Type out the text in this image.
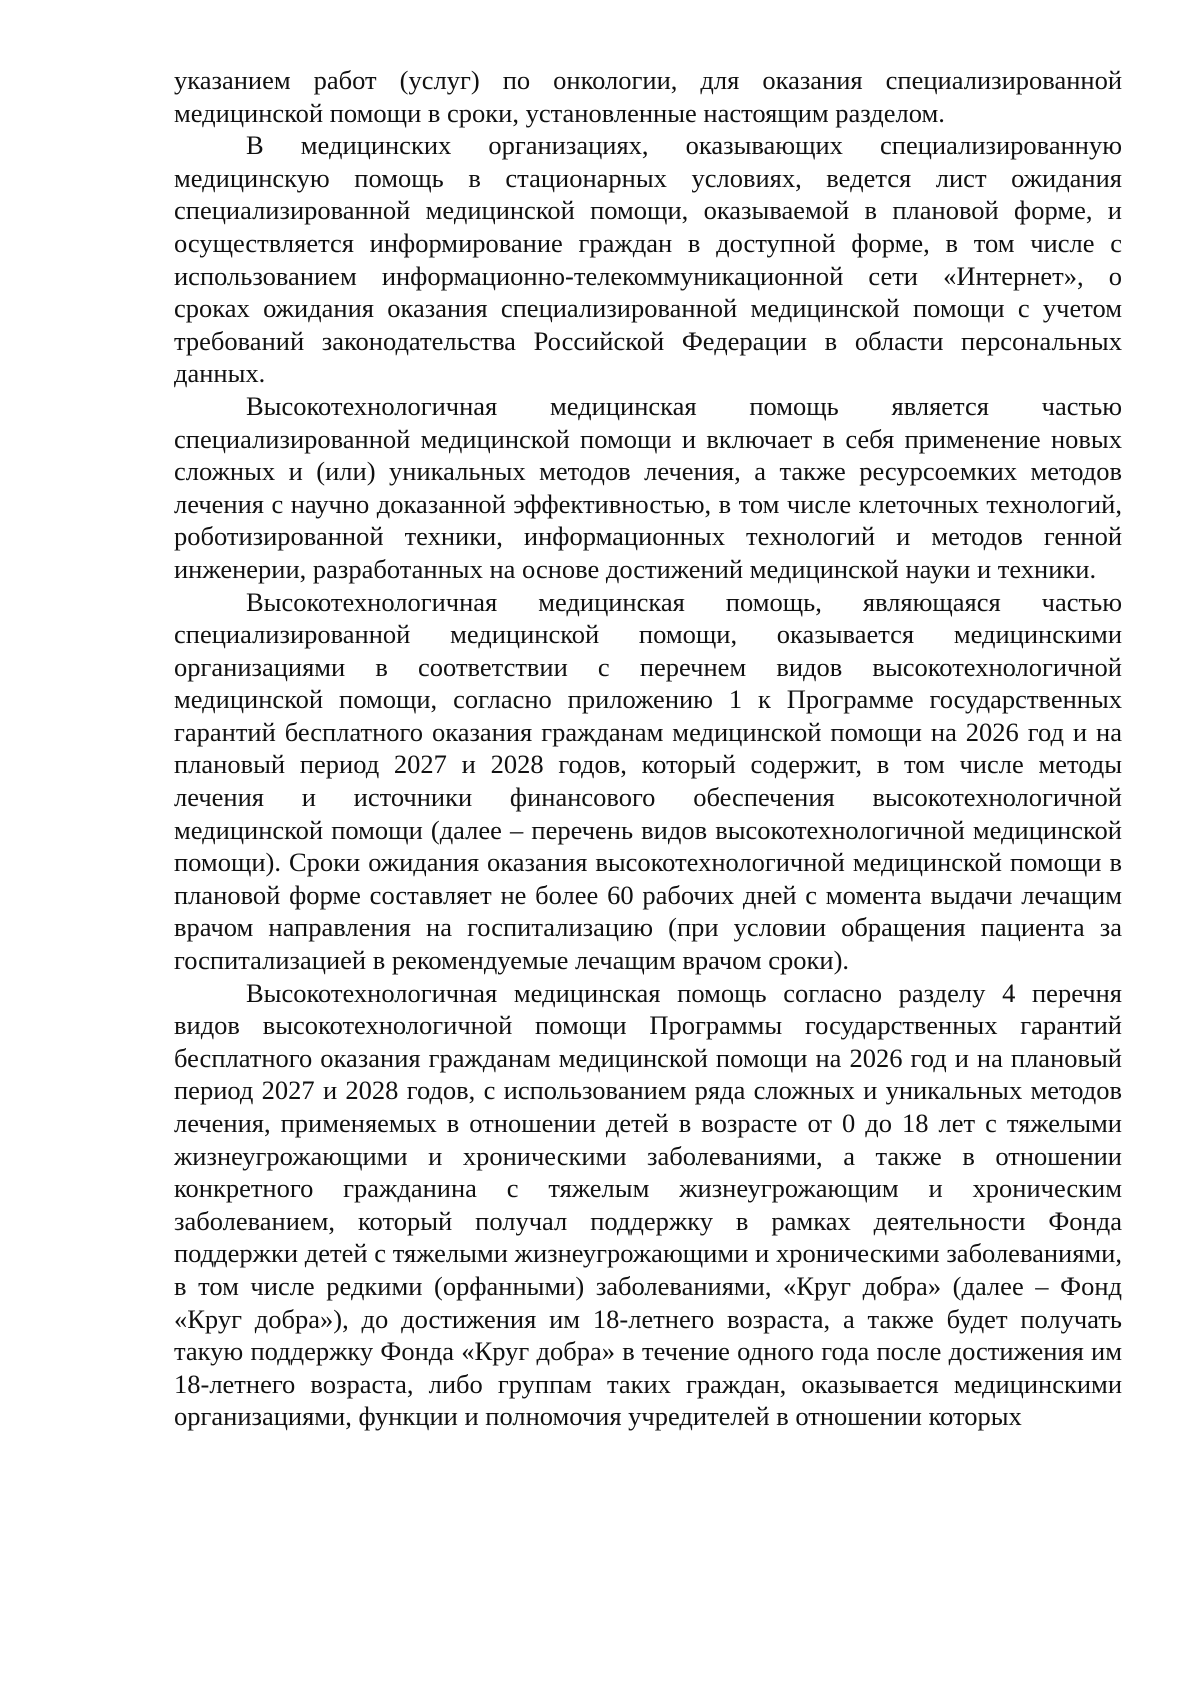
указанием работ (услуг) по онкологии, для оказания специализированной медицинской помощи в сроки, установленные настоящим разделом.

В медицинских организациях, оказывающих специализированную медицинскую помощь в стационарных условиях, ведется лист ожидания специализированной медицинской помощи, оказываемой в плановой форме, и осуществляется информирование граждан в доступной форме, в том числе с использованием информационно-телекоммуникационной сети «Интернет», о сроках ожидания оказания специализированной медицинской помощи с учетом требований законодательства Российской Федерации в области персональных данных.

Высокотехнологичная медицинская помощь является частью специализированной медицинской помощи и включает в себя применение новых сложных и (или) уникальных методов лечения, а также ресурсоемких методов лечения с научно доказанной эффективностью, в том числе клеточных технологий, роботизированной техники, информационных технологий и методов генной инженерии, разработанных на основе достижений медицинской науки и техники.

Высокотехнологичная медицинская помощь, являющаяся частью специализированной медицинской помощи, оказывается медицинскими организациями в соответствии с перечнем видов высокотехнологичной медицинской помощи, согласно приложению 1 к Программе государственных гарантий бесплатного оказания гражданам медицинской помощи на 2026 год и на плановый период 2027 и 2028 годов, который содержит, в том числе методы лечения и источники финансового обеспечения высокотехнологичной медицинской помощи (далее – перечень видов высокотехнологичной медицинской помощи). Сроки ожидания оказания высокотехнологичной медицинской помощи в плановой форме составляет не более 60 рабочих дней с момента выдачи лечащим врачом направления на госпитализацию (при условии обращения пациента за госпитализацией в рекомендуемые лечащим врачом сроки).

Высокотехнологичная медицинская помощь согласно разделу 4 перечня видов высокотехнологичной помощи Программы государственных гарантий бесплатного оказания гражданам медицинской помощи на 2026 год и на плановый период 2027 и 2028 годов, с использованием ряда сложных и уникальных методов лечения, применяемых в отношении детей в возрасте от 0 до 18 лет с тяжелыми жизнеугрожающими и хроническими заболеваниями, а также в отношении конкретного гражданина с тяжелым жизнеугрожающим и хроническим заболеванием, который получал поддержку в рамках деятельности Фонда поддержки детей с тяжелыми жизнеугрожающими и хроническими заболеваниями, в том числе редкими (орфанными) заболеваниями, «Круг добра» (далее – Фонд «Круг добра»), до достижения им 18-летнего возраста, а также будет получать такую поддержку Фонда «Круг добра» в течение одного года после достижения им 18-летнего возраста, либо группам таких граждан, оказывается медицинскими организациями, функции и полномочия учредителей в отношении которых
